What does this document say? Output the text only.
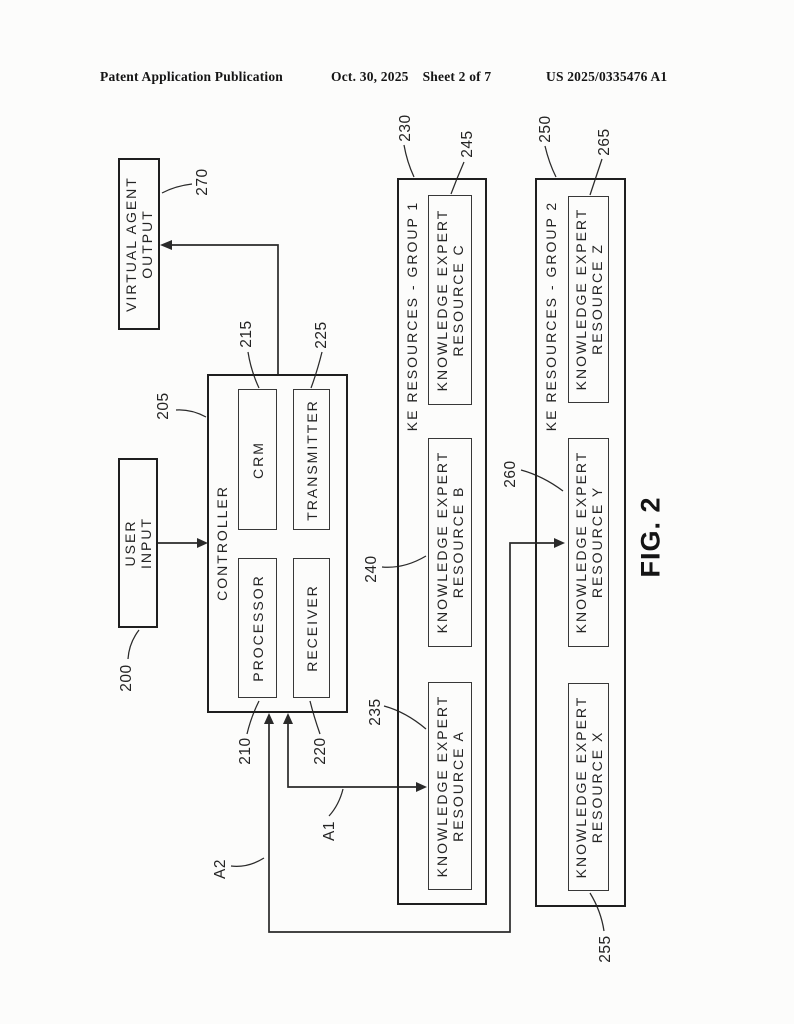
Patent Application Publication	Oct. 30, 2025 Sheet 2 of 7	US 2025/0335476 A1
VIRTUAL AGENT
OUTPUT
USER
INPUT	CONTROLLER
CRM	TRANSMITTER
PROCESSOR	RECEIVER
KE RESOURCES - GROUP 1 KNOWLEDGE EXPERT
RESOURCE C
KNOWLEDGE EXPERT
RESOURCE B
KNOWLEDGE EXPERT
RESOURCE A
KE RESOURCES - GROUP 2 KNOWLEDGE EXPERT
RESOURCE Z
KNOWLEDGE EXPERT
RESOURCE Y
KNOWLEDGE EXPERT
RESOURCE X
270
205
200
215	225
210	220
230
245
250	265
235
240
260
255
A1
A2
FIG. 2
